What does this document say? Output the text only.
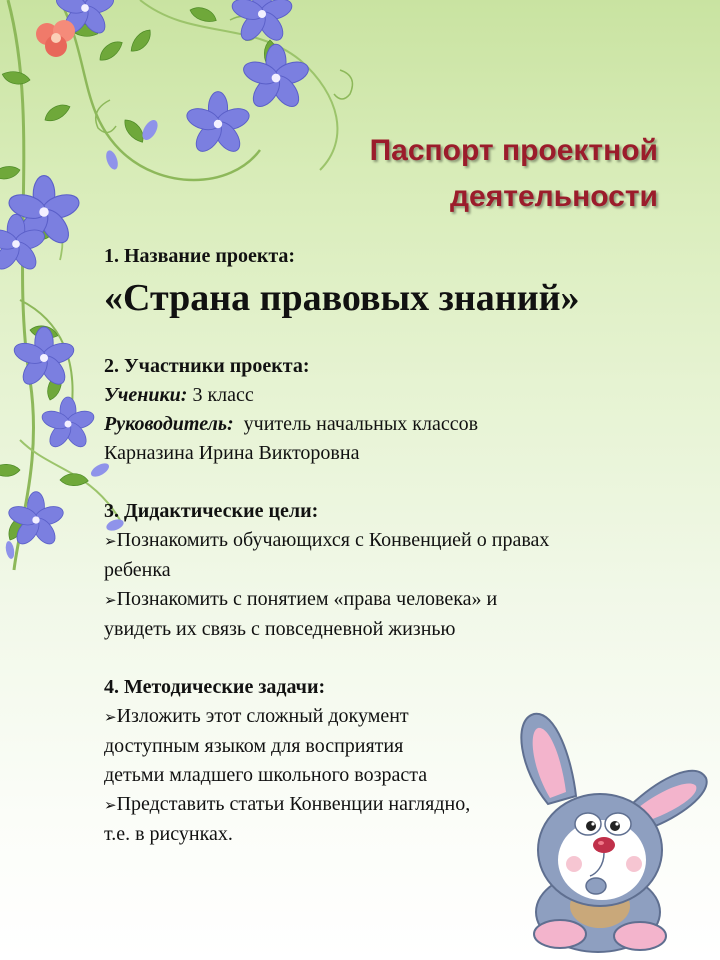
Паспорт проектной
деятельности
1. Название проекта:
«Страна правовых знаний»
2. Участники проекта:
Ученики: 3 класс
Руководитель:  учитель начальных классов
Карназина Ирина Викторовна
3. Дидактические цели:
➢Познакомить обучающихся с Конвенцией о правах
ребенка
➢Познакомить с понятием «права человека» и
увидеть их связь с повседневной жизнью
4. Методические задачи:
➢Изложить этот сложный документ
доступным языком для восприятия
детьми младшего школьного возраста
➢Представить статьи Конвенции наглядно,
т.е. в рисунках.
